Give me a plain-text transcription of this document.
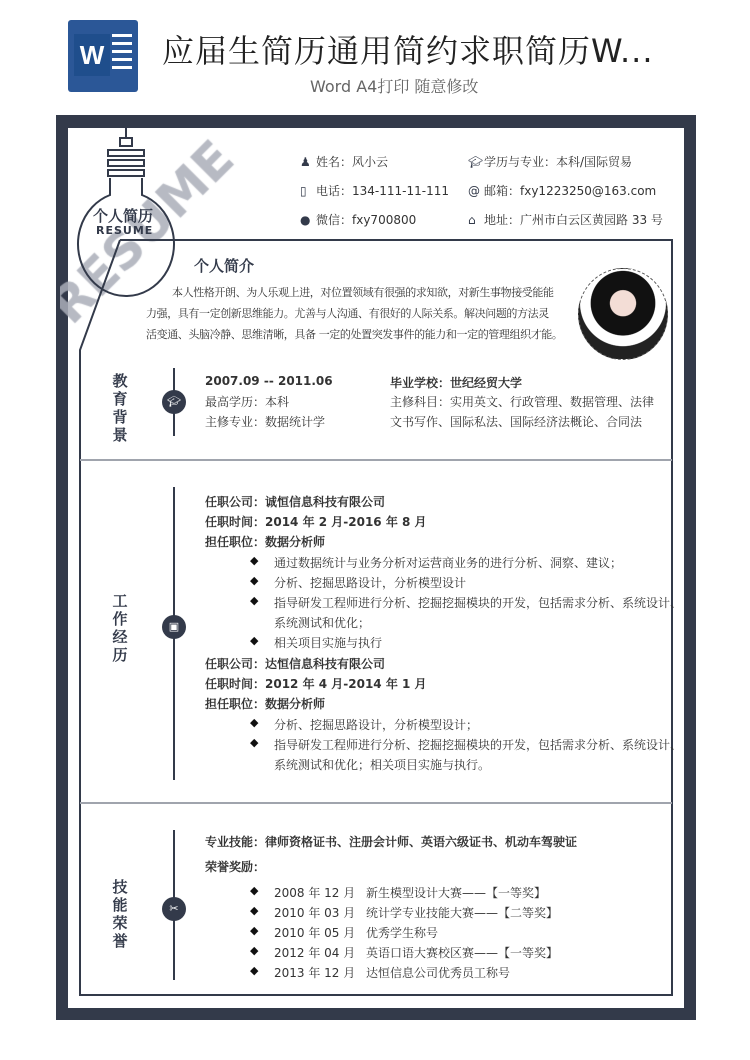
W 应届生简历通用简约求职简历W...
Word A4打印 随意修改
个人简历
RESUME
♟ 姓名：风小云	🎓︎学历与专业：本科/国际贸易
▯ 电话：134-111-11-111 @ 邮箱：fxy1223250@163.com
● 微信：fxy700800	⌂ 地址：广州市白云区黄园路 33 号
个人简介
本人性格开朗、为人乐观上进，对位置领域有很强的求知欲，对新生事物接受能能
力强，具有一定创新思维能力。尤善与人沟通、有很好的人际关系。解决问题的方法灵
活变通、头脑冷静、思维清晰，具备 一定的处置突发事件的能力和一定的管理组织才能。
教育背景
🎓︎
2007.09 -- 2011.06
最高学历：本科
主修专业：数据统计学
毕业学校：世纪经贸大学
主修科目：实用英文、行政管理、数据管理、法律
文书写作、国际私法、国际经济法概论、合同法
工作经历
▣
任职公司：诚恒信息科技有限公司
任职时间：2014 年 2 月-2016 年 8 月
担任职位：数据分析师
◆ 通过数据统计与业务分析对运营商业务的进行分析、洞察、建议；
◆ 分析、挖掘思路设计，分析模型设计
◆ 指导研发工程师进行分析、挖掘挖掘模块的开发，包括需求分析、系统设计、
系统测试和优化；
◆ 相关项目实施与执行
任职公司：达恒信息科技有限公司
任职时间：2012 年 4 月-2014 年 1 月
担任职位：数据分析师
◆ 分析、挖掘思路设计，分析模型设计；
◆ 指导研发工程师进行分析、挖掘挖掘模块的开发，包括需求分析、系统设计、
系统测试和优化；相关项目实施与执行。
技能荣誉
✂
专业技能：律师资格证书、注册会计师、英语六级证书、机动车驾驶证
荣誉奖励：
◆ 2008 年 12 月 新生模型设计大赛——【一等奖】
◆ 2010 年 03 月 统计学专业技能大赛——【二等奖】
◆ 2010 年 05 月 优秀学生称号
◆ 2012 年 04 月 英语口语大赛校区赛——【一等奖】
◆ 2013 年 12 月 达恒信息公司优秀员工称号
